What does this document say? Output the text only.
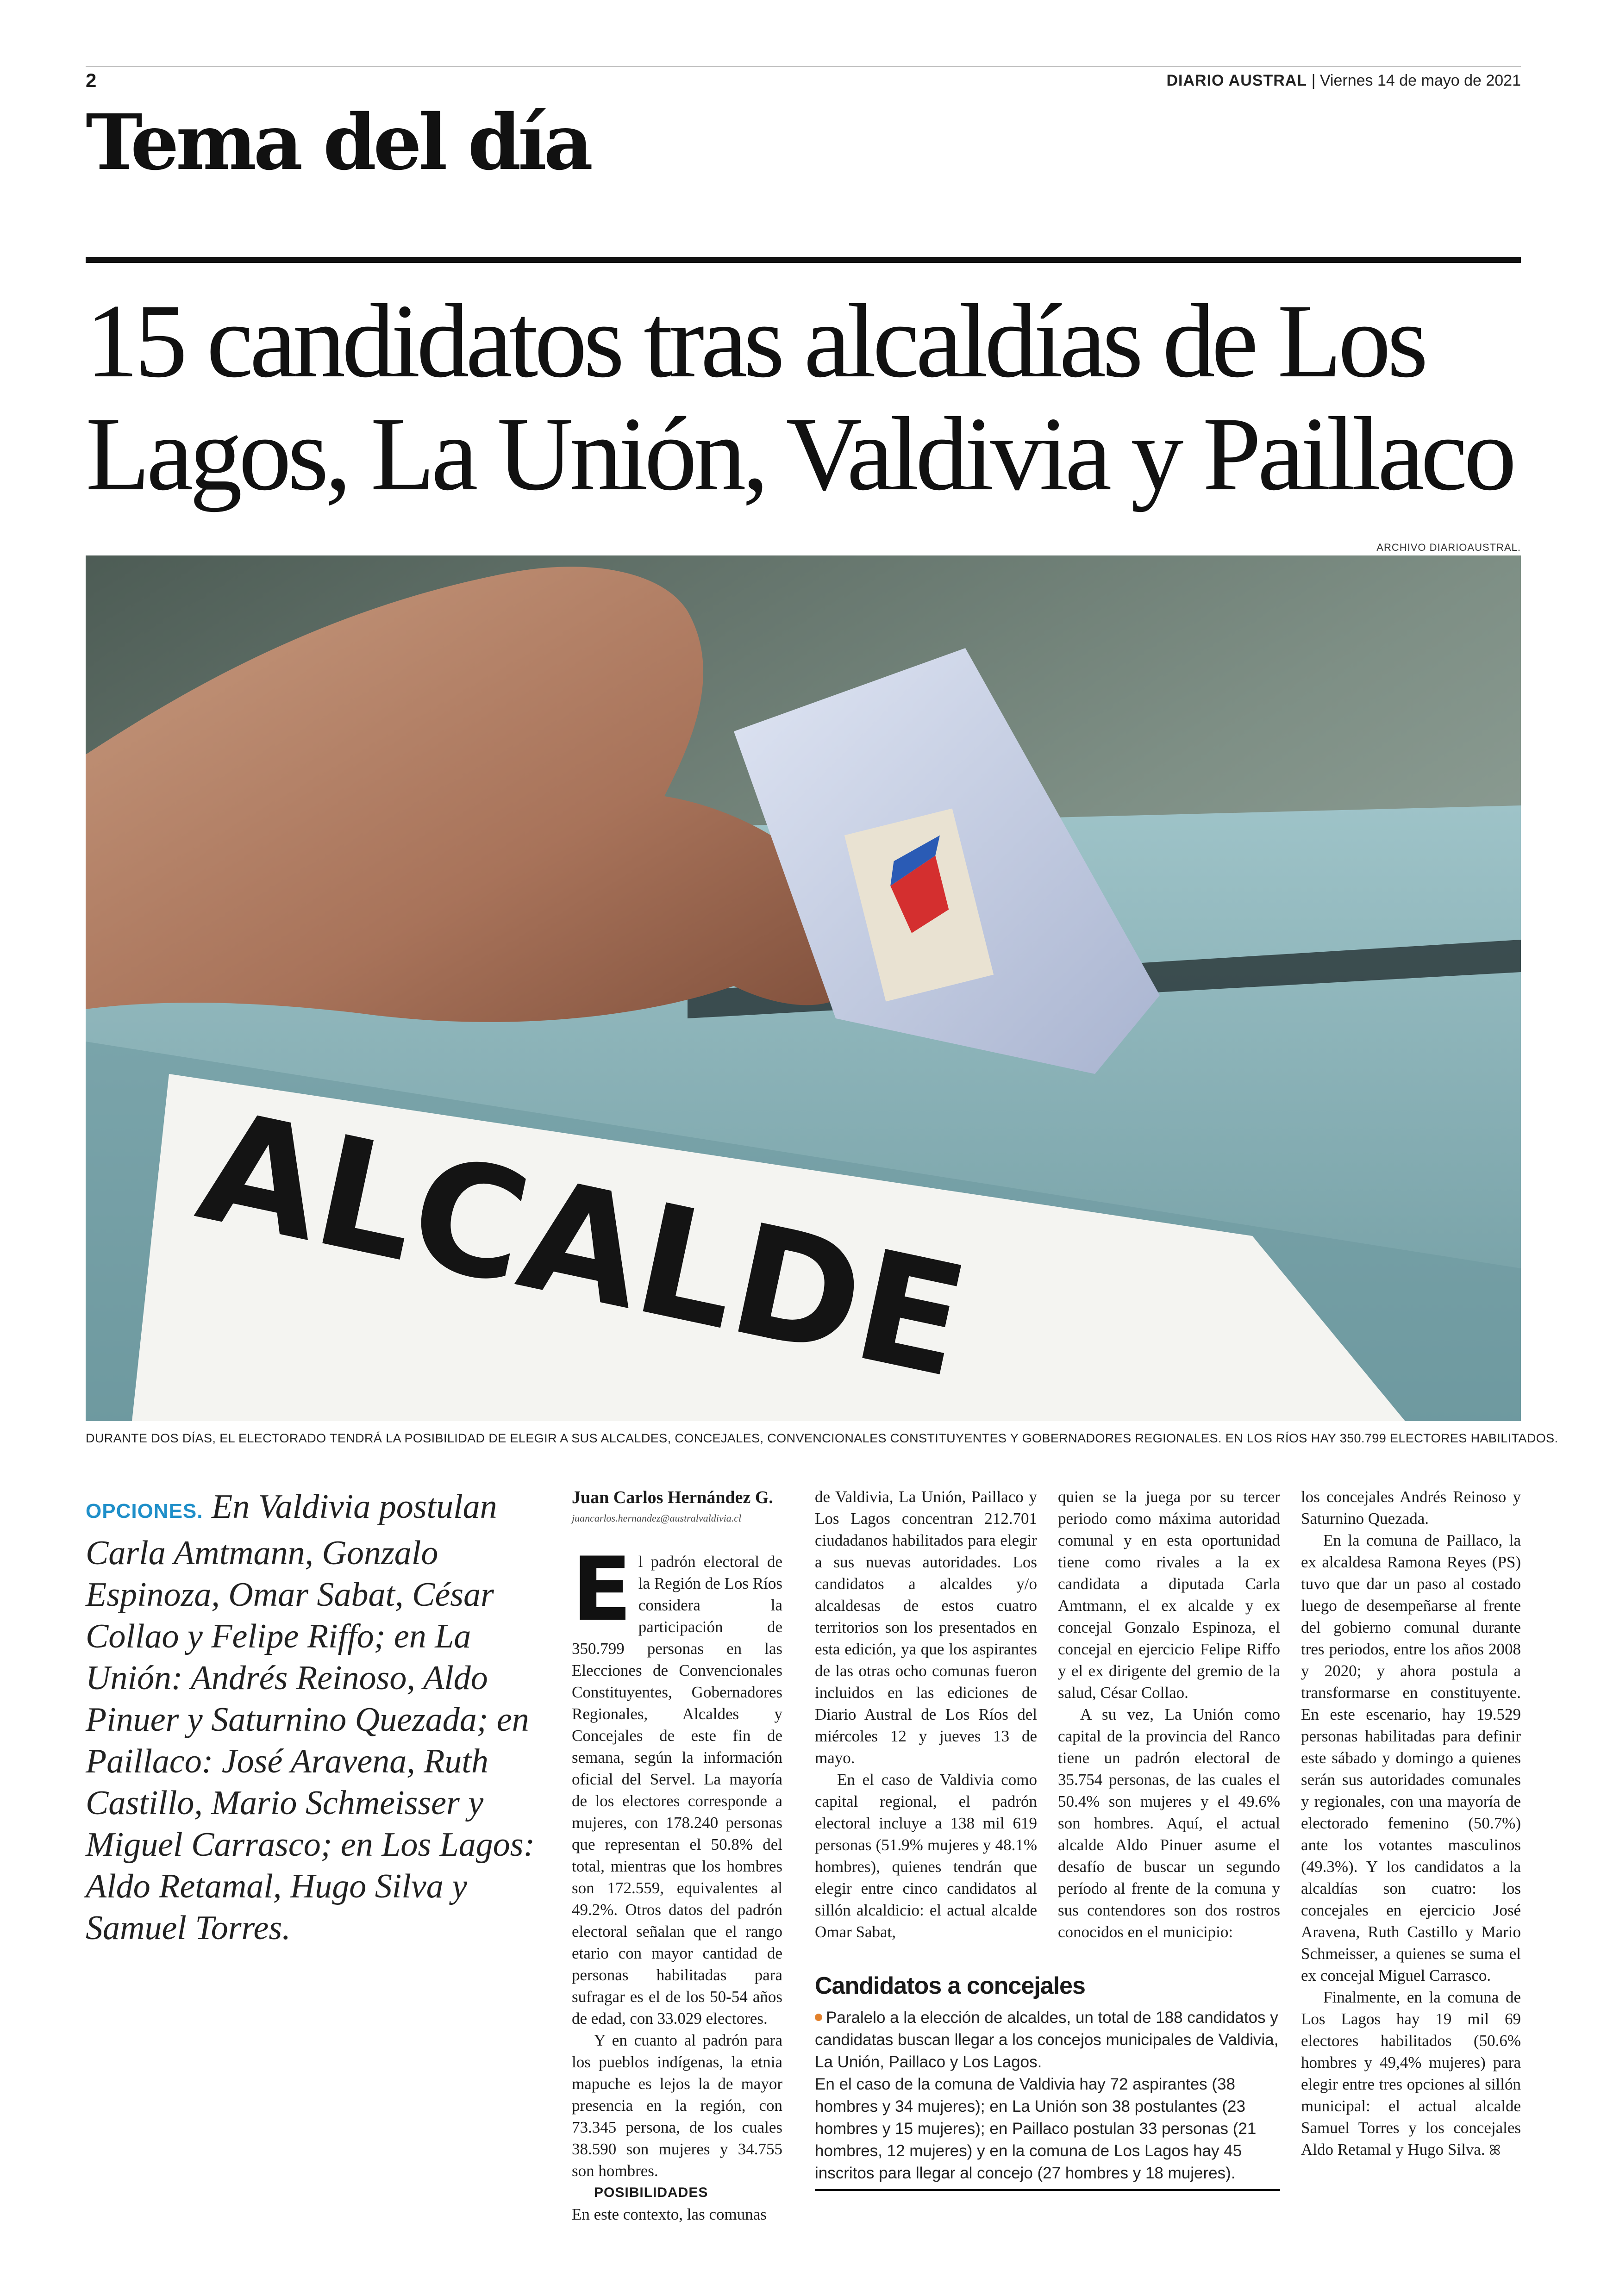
2	DIARIO AUSTRAL | Viernes 14 de mayo de 2021
Tema del día
15 candidatos tras alcaldías de Los Lagos, La Unión, Valdivia y Paillaco
ARCHIVO DIARIOAUSTRAL.
ALCALDE
DURANTE DOS DÍAS, EL ELECTORADO TENDRÁ LA POSIBILIDAD DE ELEGIR A SUS ALCALDES, CONCEJALES, CONVENCIONALES CONSTITUYENTES Y GOBERNADORES REGIONALES. EN LOS RÍOS HAY 350.799 ELECTORES HABILITADOS.
OPCIONES. En Valdivia postulan Carla Amtmann, Gonzalo Espinoza, Omar Sabat, César Collao y Felipe Riffo; en La Unión: Andrés Reinoso, Aldo Pinuer y Saturnino Quezada; en Paillaco: José Aravena, Ruth Castillo, Mario Schmeisser y Miguel Carrasco; en Los Lagos: Aldo Retamal, Hugo Silva y Samuel Torres.
Juan Carlos Hernández G.
juancarlos.hernandez@australvaldivia.cl

El padrón electoral de la Región de Los Ríos considera la participación de 350.799 personas en las Elecciones de Convencionales Constituyentes, Gobernadores Regionales, Alcaldes y Concejales de este fin de semana, según la información oficial del Servel. La mayoría de los electores corresponde a mujeres, con 178.240 personas que representan el 50.8% del total, mientras que los hombres son 172.559, equivalentes al 49.2%. Otros datos del padrón electoral señalan que el rango etario con mayor cantidad de personas habilitadas para sufragar es el de los 50-54 años de edad, con 33.029 electores.

Y en cuanto al padrón para los pueblos indígenas, la etnia mapuche es lejos la de mayor presencia en la región, con 73.345 persona, de los cuales 38.590 son mujeres y 34.755 son hombres.

POSIBILIDADES

En este contexto, las comunas

de Valdivia, La Unión, Paillaco y Los Lagos concentran 212.701 ciudadanos habilitados para elegir a sus nuevas autoridades. Los candidatos a alcaldes y/o alcaldesas de estos cuatro territorios son los presentados en esta edición, ya que los aspirantes de las otras ocho comunas fueron incluidos en las ediciones de Diario Austral de Los Ríos del miércoles 12 y jueves 13 de mayo.

En el caso de Valdivia como capital regional, el padrón electoral incluye a 138 mil 619 personas (51.9% mujeres y 48.1% hombres), quienes tendrán que elegir entre cinco candidatos al sillón alcaldicio: el actual alcalde Omar Sabat,

quien se la juega por su tercer periodo como máxima autoridad comunal y en esta oportunidad tiene como rivales a la ex candidata a diputada Carla Amtmann, el ex alcalde y ex concejal Gonzalo Espinoza, el concejal en ejercicio Felipe Riffo y el ex dirigente del gremio de la salud, César Collao.

A su vez, La Unión como capital de la provincia del Ranco tiene un padrón electoral de 35.754 personas, de las cuales el 50.4% son mujeres y el 49.6% son hombres. Aquí, el actual alcalde Aldo Pinuer asume el desafío de buscar un segundo período al frente de la comuna y sus contendores son dos rostros conocidos en el municipio:

los concejales Andrés Reinoso y Saturnino Quezada.

En la comuna de Paillaco, la ex alcaldesa Ramona Reyes (PS) tuvo que dar un paso al costado luego de desempeñarse al frente del gobierno comunal durante tres periodos, entre los años 2008 y 2020; y ahora postula a transformarse en constituyente. En este escenario, hay 19.529 personas habilitadas para definir este sábado y domingo a quienes serán sus autoridades comunales y regionales, con una mayoría de electorado femenino (50.7%) ante los votantes masculinos (49.3%). Y los candidatos a la alcaldías son cuatro: los concejales en ejercicio José Aravena, Ruth Castillo y Mario Schmeisser, a quienes se suma el ex concejal Miguel Carrasco.

Finalmente, en la comuna de Los Lagos hay 19 mil 69 electores habilitados (50.6% hombres y 49,4% mujeres) para elegir entre tres opciones al sillón municipal: el actual alcalde Samuel Torres y los concejales Aldo Retamal y Hugo Silva. ꕤ

Candidatos a concejales

Paralelo a la elección de alcaldes, un total de 188 candidatos y candidatas buscan llegar a los concejos municipales de Valdivia, La Unión, Paillaco y Los Lagos.

En el caso de la comuna de Valdivia hay 72 aspirantes (38 hombres y 34 mujeres); en La Unión son 38 postulantes (23 hombres y 15 mujeres); en Paillaco postulan 33 personas (21 hombres, 12 mujeres) y en la comuna de Los Lagos hay 45 inscritos para llegar al concejo (27 hombres y 18 mujeres).
